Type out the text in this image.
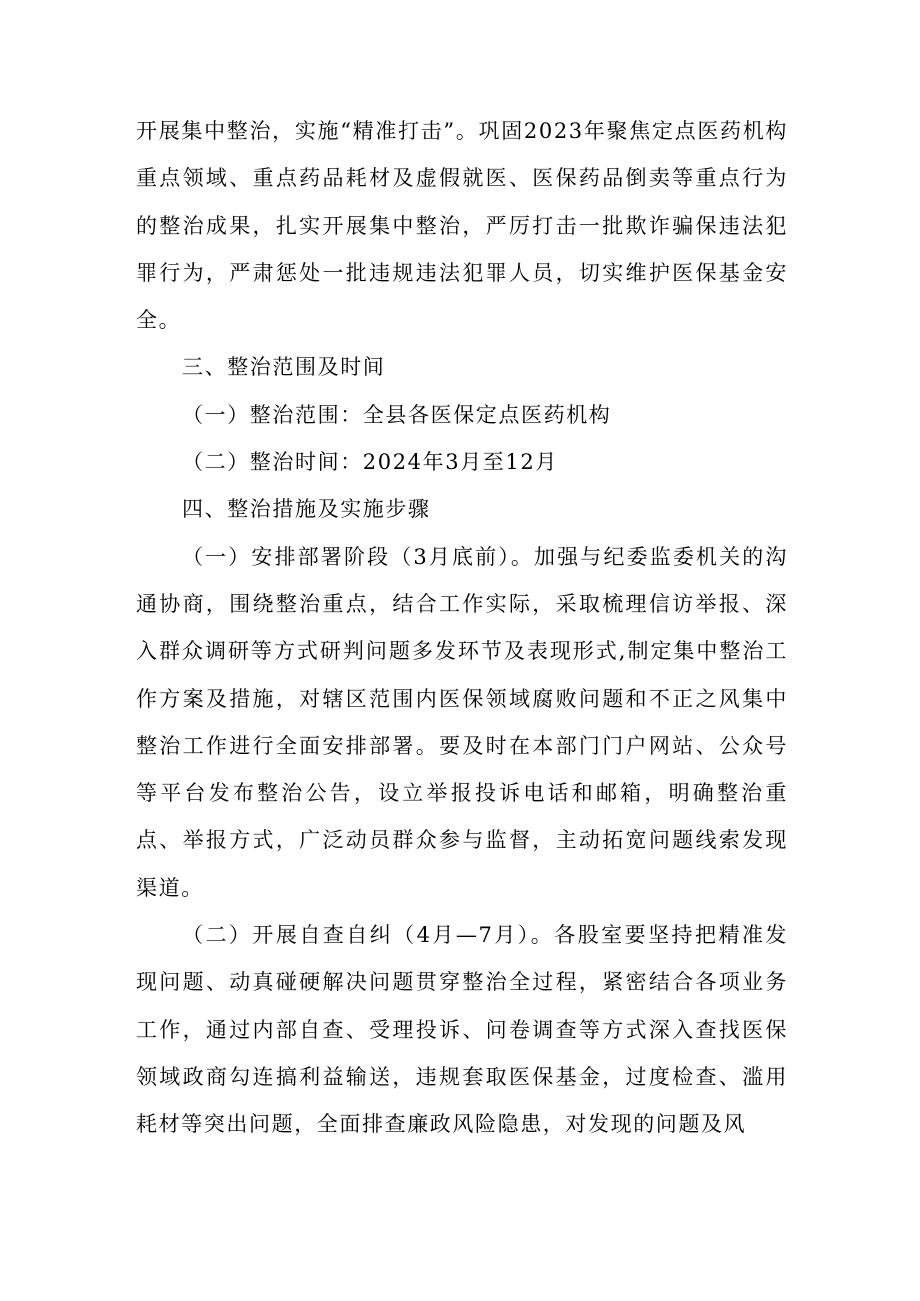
开展集中整治，实施“精准打击”。巩固2023年聚焦定点医药机构重点领域、重点药品耗材及虚假就医、医保药品倒卖等重点行为的整治成果，扎实开展集中整治，严厉打击一批欺诈骗保违法犯罪行为，严肃惩处一批违规违法犯罪人员，切实维护医保基金安全。

三、整治范围及时间

（一）整治范围：全县各医保定点医药机构

（二）整治时间：2024年3月至12月

四、整治措施及实施步骤

（一）安排部署阶段（3月底前）。加强与纪委监委机关的沟通协商，围绕整治重点，结合工作实际，采取梳理信访举报、深入群众调研等方式研判问题多发环节及表现形式,制定集中整治工作方案及措施，对辖区范围内医保领域腐败问题和不正之风集中整治工作进行全面安排部署。要及时在本部门门户网站、公众号等平台发布整治公告，设立举报投诉电话和邮箱，明确整治重点、举报方式，广泛动员群众参与监督，主动拓宽问题线索发现渠道。

（二）开展自查自纠（4月—7月）。各股室要坚持把精准发现问题、动真碰硬解决问题贯穿整治全过程，紧密结合各项业务工作，通过内部自查、受理投诉、问卷调查等方式深入查找医保领域政商勾连搞利益输送，违规套取医保基金，过度检查、滥用耗材等突出问题，全面排查廉政风险隐患，对发现的问题及风
